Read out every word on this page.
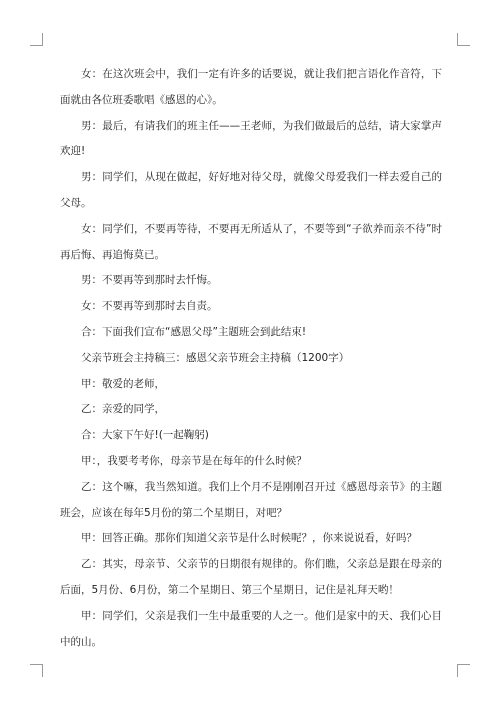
女：在这次班会中，我们一定有许多的话要说，就让我们把言语化作音符，下面就由各位班委歌唱《感恩的心》。

男：最后，有请我们的班主任——王老师，为我们做最后的总结，请大家掌声欢迎!

男：同学们，从现在做起，好好地对待父母，就像父母爱我们一样去爱自己的父母。

女：同学们，不要再等待，不要再无所适从了，不要等到“子欲养而亲不待”时再后悔、再追悔莫已。

男：不要再等到那时去忏悔。

女：不要再等到那时去自责。

合：下面我们宣布“感恩父母”主题班会到此结束!

父亲节班会主持稿三：感恩父亲节班会主持稿（1200字）

甲：敬爱的老师，

乙：亲爱的同学，

合：大家下午好!(一起鞠躬)

甲：，我要考考你，母亲节是在每年的什么时候？

乙：这个嘛，我当然知道。我们上个月不是刚刚召开过《感恩母亲节》的主题班会，应该在每年5月份的第二个星期日，对吧？

甲：回答正确。那你们知道父亲节是什么时候呢？，你来说说看，好吗？

乙：其实，母亲节、父亲节的日期很有规律的。你们瞧，父亲总是跟在母亲的后面，5月份、6月份，第二个星期日、第三个星期日，记住是礼拜天哟！

甲：同学们，父亲是我们一生中最重要的人之一。他们是家中的天、我们心目中的山。
